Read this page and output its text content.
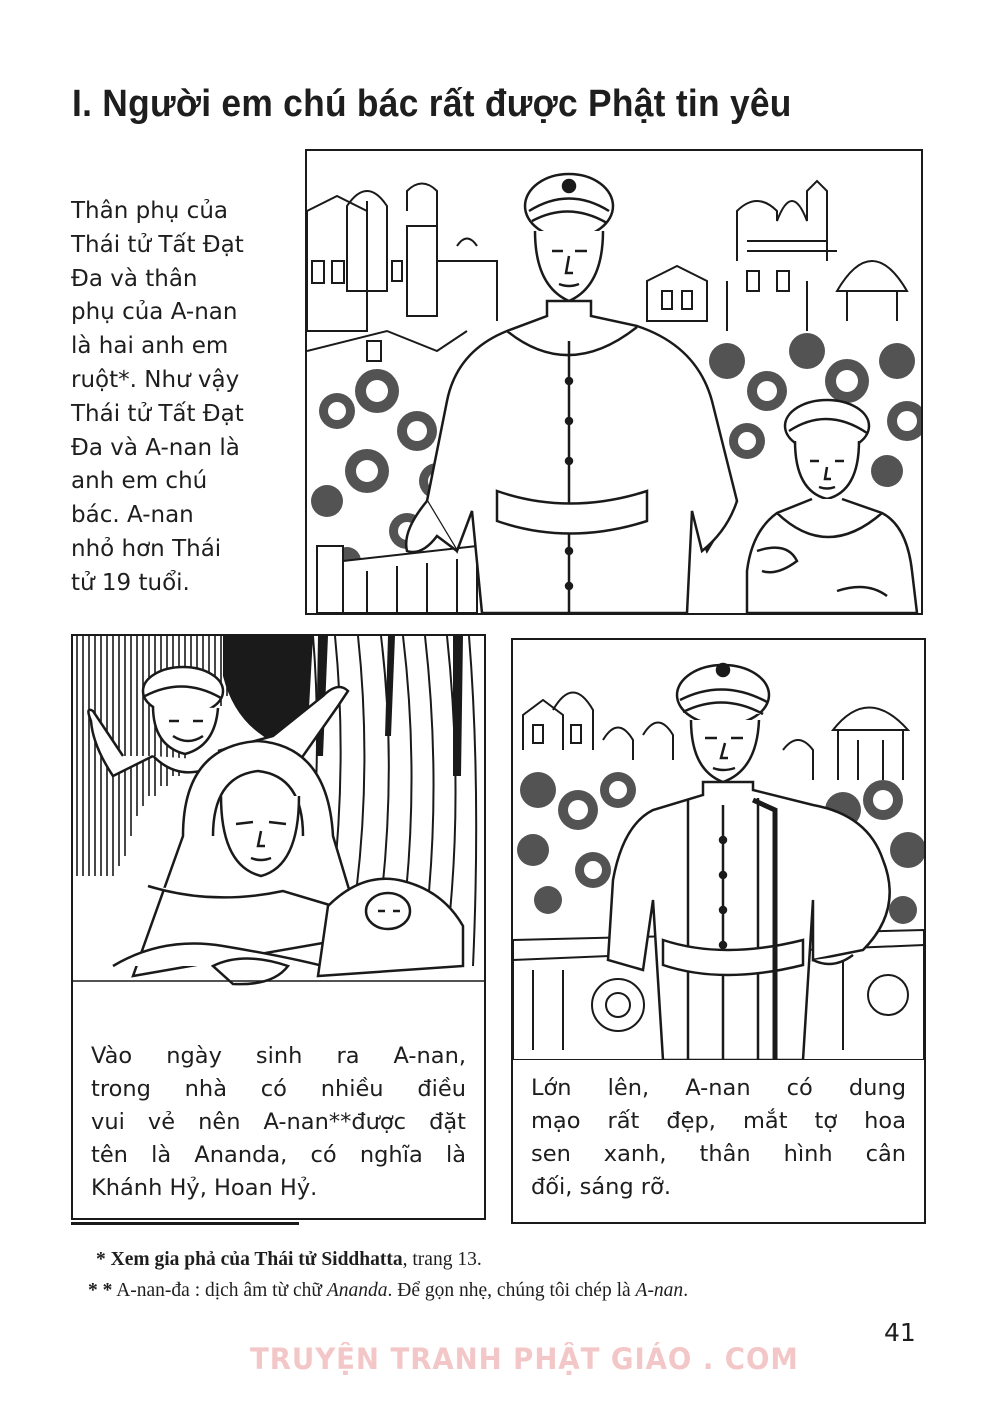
I. Người em chú bác rất được Phật tin yêu
Thân phụ của
Thái tử Tất Đạt
Đa và thân
phụ của A-nan
là hai anh em
ruột*. Như vậy
Thái tử Tất Đạt
Đa và A-nan là
anh em chú
bác. A-nan
nhỏ hơn Thái
tử 19 tuổi.
Vào ngày sinh ra A-nan,
trong nhà có nhiều điều
vui vẻ nên A-nan**được đặt
tên là Ananda, có nghĩa là
Khánh Hỷ, Hoan Hỷ.
Lớn lên, A-nan có dung
mạo rất đẹp, mắt tợ hoa
sen xanh, thân hình cân
đối, sáng rỡ.
* Xem gia phả của Thái tử Siddhatta, trang 13.
* * A-nan-đa : dịch âm từ chữ Ananda. Để gọn nhẹ, chúng tôi chép là A-nan.
41
TRUYỆN TRANH PHẬT GIÁO . COM
